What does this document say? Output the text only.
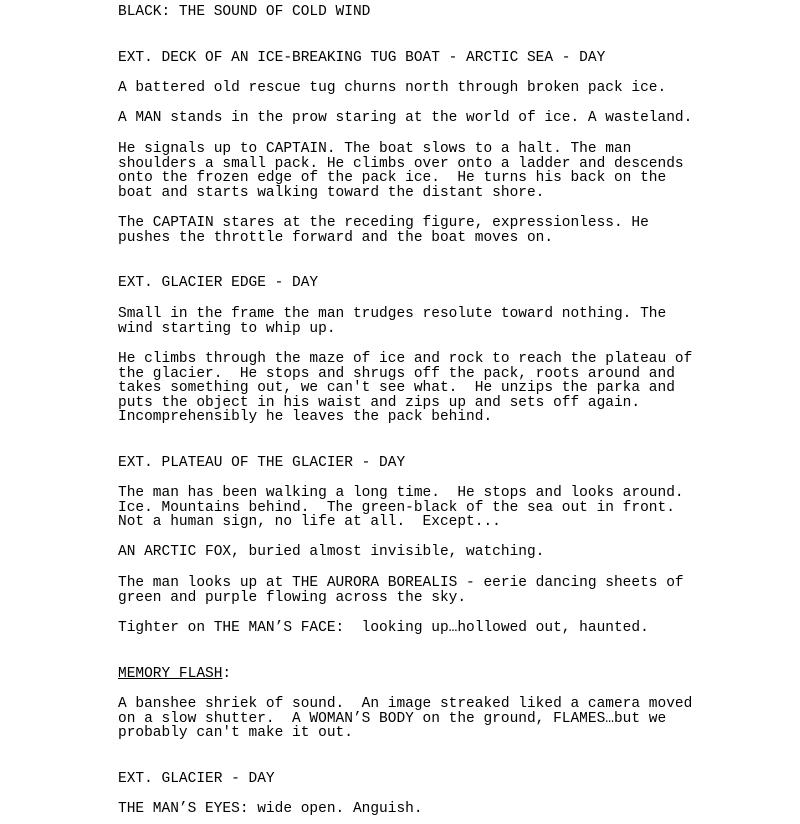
BLACK: THE SOUND OF COLD WIND

EXT. DECK OF AN ICE-BREAKING TUG BOAT - ARCTIC SEA - DAY

A battered old rescue tug churns north through broken pack ice.

A MAN stands in the prow staring at the world of ice. A wasteland.

He signals up to CAPTAIN. The boat slows to a halt. The man

shoulders a small pack. He climbs over onto a ladder and descends

onto the frozen edge of the pack ice.  He turns his back on the

boat and starts walking toward the distant shore.

The CAPTAIN stares at the receding figure, expressionless. He

pushes the throttle forward and the boat moves on.

EXT. GLACIER EDGE - DAY

Small in the frame the man trudges resolute toward nothing. The

wind starting to whip up.

He climbs through the maze of ice and rock to reach the plateau of

the glacier.  He stops and shrugs off the pack, roots around and

takes something out, we can't see what.  He unzips the parka and

puts the object in his waist and zips up and sets off again.

Incomprehensibly he leaves the pack behind.

EXT. PLATEAU OF THE GLACIER - DAY

The man has been walking a long time.  He stops and looks around.

Ice. Mountains behind.  The green-black of the sea out in front.

Not a human sign, no life at all.  Except...

AN ARCTIC FOX, buried almost invisible, watching.

The man looks up at THE AURORA BOREALIS - eerie dancing sheets of

green and purple flowing across the sky.

Tighter on THE MAN’S FACE:  looking up…hollowed out, haunted.

MEMORY FLASH:

A banshee shriek of sound.  An image streaked liked a camera moved

on a slow shutter.  A WOMAN’S BODY on the ground, FLAMES…but we

probably can't make it out.

EXT. GLACIER - DAY

THE MAN’S EYES: wide open. Anguish.
